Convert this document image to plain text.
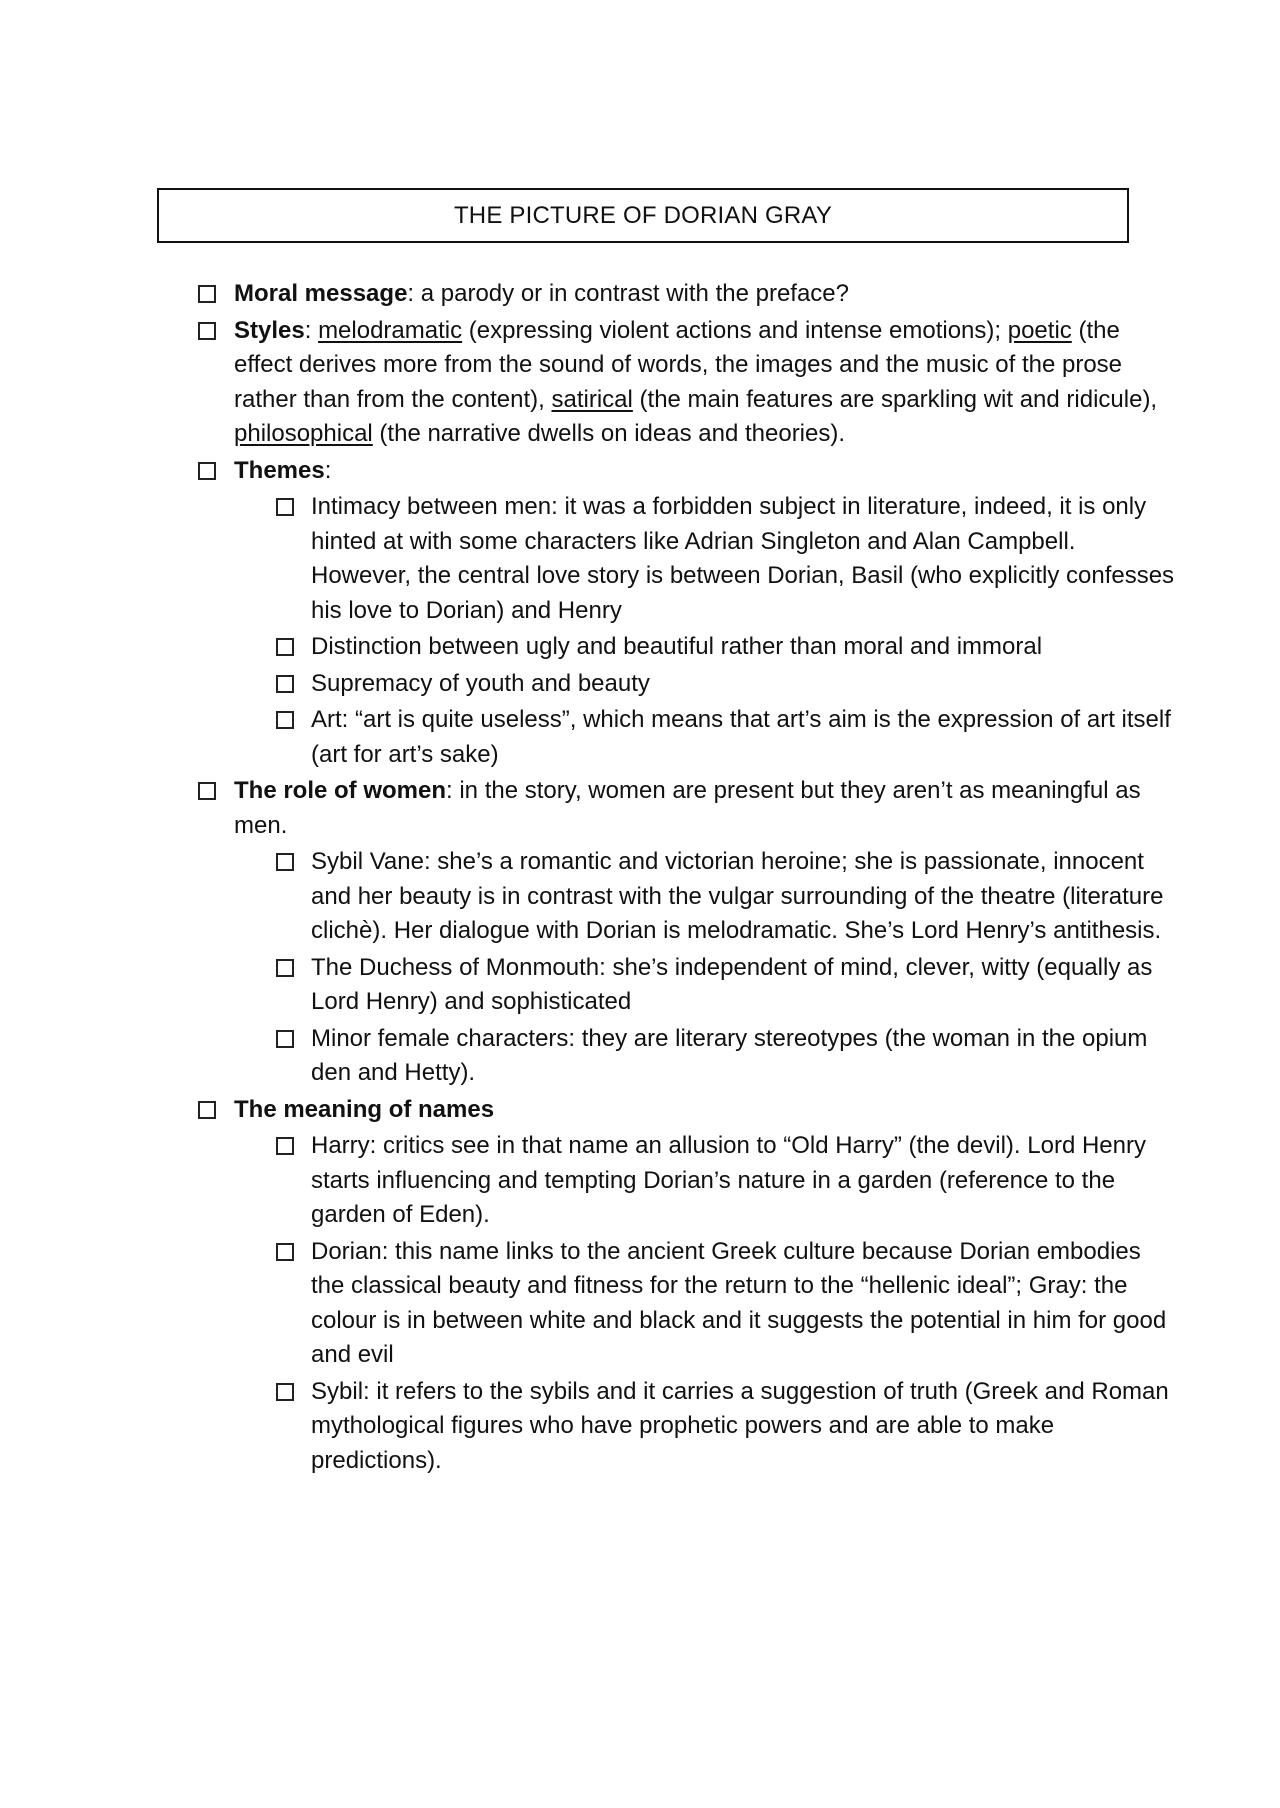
THE PICTURE OF DORIAN GRAY
Moral message: a parody or in contrast with the preface?
Styles: melodramatic (expressing violent actions and intense emotions); poetic (the effect derives more from the sound of words, the images and the music of the prose rather than from the content), satirical (the main features are sparkling wit and ridicule), philosophical (the narrative dwells on ideas and theories).
Themes:
Intimacy between men: it was a forbidden subject in literature, indeed, it is only hinted at with some characters like Adrian Singleton and Alan Campbell. However, the central love story is between Dorian, Basil (who explicitly confesses his love to Dorian) and Henry
Distinction between ugly and beautiful rather than moral and immoral
Supremacy of youth and beauty
Art: “art is quite useless”, which means that art’s aim is the expression of art itself (art for art’s sake)
The role of women: in the story, women are present but they aren’t as meaningful as men.
Sybil Vane: she’s a romantic and victorian heroine; she is passionate, innocent and her beauty is in contrast with the vulgar surrounding of the theatre (literature clichè). Her dialogue with Dorian is melodramatic. She’s Lord Henry’s antithesis.
The Duchess of Monmouth: she’s independent of mind, clever, witty (equally as Lord Henry) and sophisticated
Minor female characters: they are literary stereotypes (the woman in the opium den and Hetty).
The meaning of names
Harry: critics see in that name an allusion to “Old Harry” (the devil). Lord Henry starts influencing and tempting Dorian’s nature in a garden (reference to the garden of Eden).
Dorian: this name links to the ancient Greek culture because Dorian embodies the classical beauty and fitness for the return to the “hellenic ideal”; Gray: the colour is in between white and black and it suggests the potential in him for good and evil
Sybil: it refers to the sybils and it carries a suggestion of truth (Greek and Roman mythological figures who have prophetic powers and are able to make predictions).
